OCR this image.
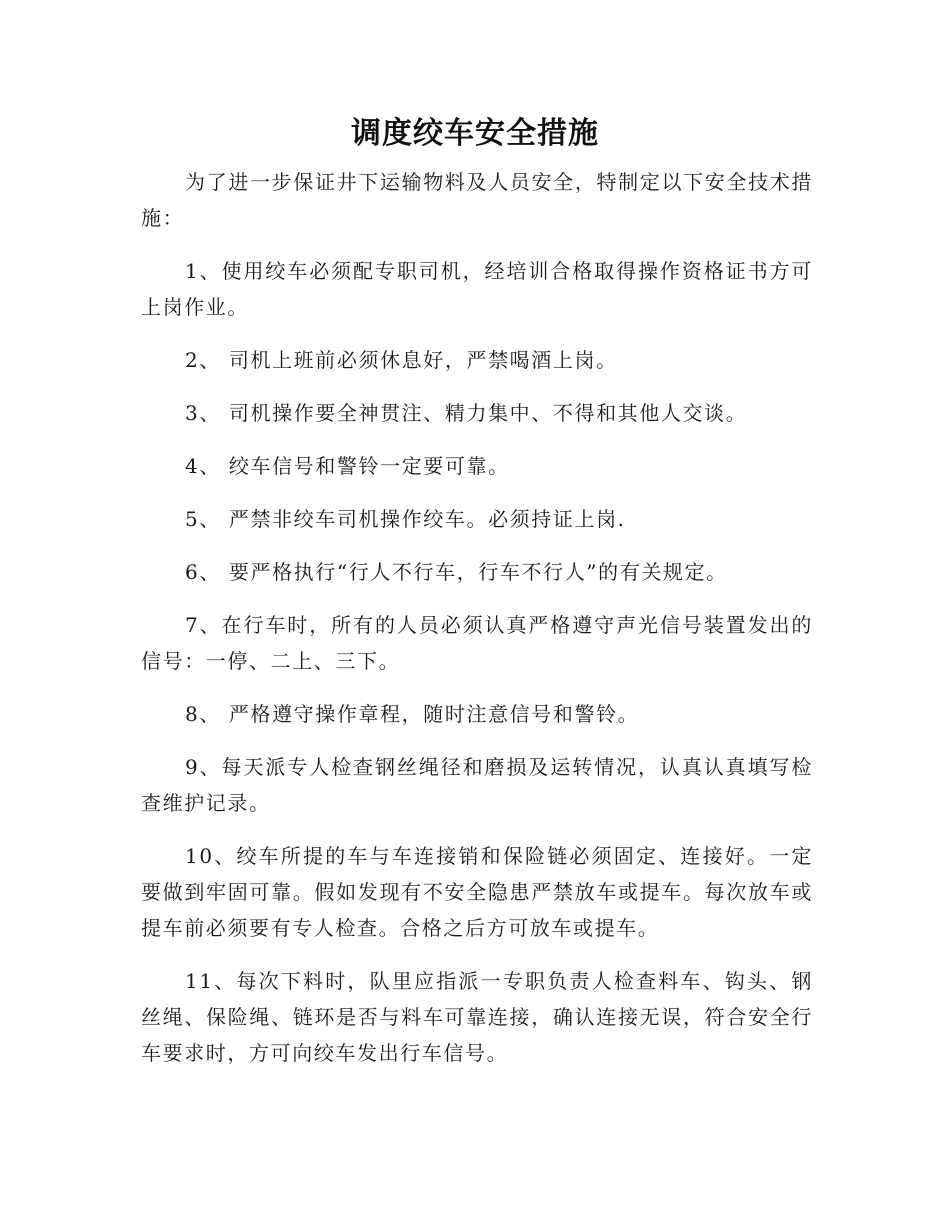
调度绞车安全措施

为了进一步保证井下运输物料及人员安全，特制定以下安全技术措施：

1、使用绞车必须配专职司机，经培训合格取得操作资格证书方可上岗作业。

2、 司机上班前必须休息好，严禁喝酒上岗。

3、 司机操作要全神贯注、精力集中、不得和其他人交谈。

4、 绞车信号和警铃一定要可靠。

5、 严禁非绞车司机操作绞车。必须持证上岗.

6、 要严格执行“行人不行车，行车不行人”的有关规定。

7、在行车时，所有的人员必须认真严格遵守声光信号装置发出的信号：一停、二上、三下。

8、 严格遵守操作章程，随时注意信号和警铃。

9、每天派专人检查钢丝绳径和磨损及运转情况，认真认真填写检查维护记录。

10、绞车所提的车与车连接销和保险链必须固定、连接好。一定要做到牢固可靠。假如发现有不安全隐患严禁放车或提车。每次放车或提车前必须要有专人检查。合格之后方可放车或提车。

11、每次下料时，队里应指派一专职负责人检查料车、钩头、钢丝绳、保险绳、链环是否与料车可靠连接，确认连接无误，符合安全行车要求时，方可向绞车发出行车信号。
